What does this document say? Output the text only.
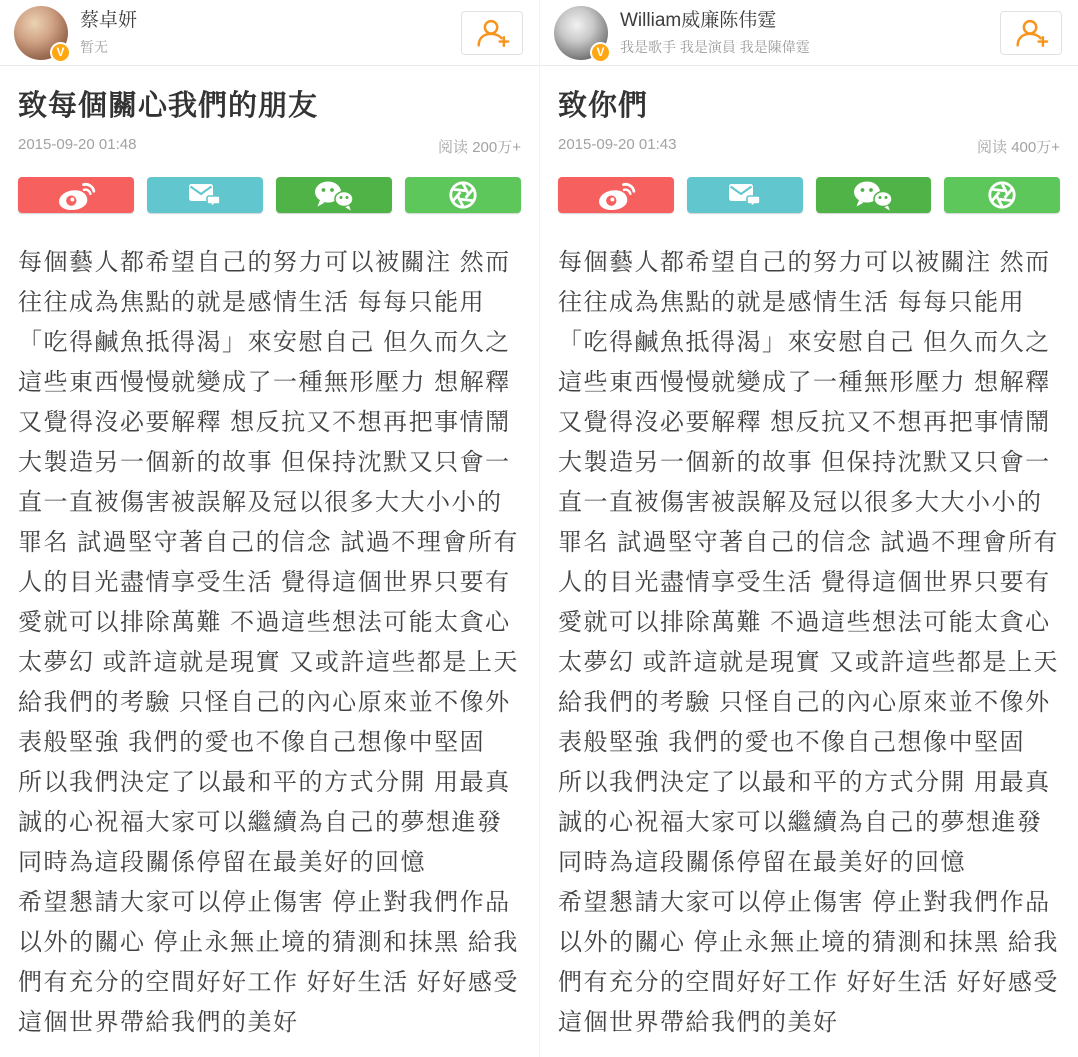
V
蔡卓妍
暂无
致每個關心我們的朋友
2015-09-20 01:48	阅读 200万+

每個藝人都希望自己的努力可以被關注 然而往往成為焦點的就是感情生活 每每只能用「吃得鹹魚抵得渴」來安慰自己 但久而久之這些東西慢慢就變成了一種無形壓力 想解釋又覺得沒必要解釋 想反抗又不想再把事情鬧大製造另一個新的故事 但保持沈默又只會一直一直被傷害被誤解及冠以很多大大小小的罪名 試過堅守著自己的信念 試過不理會所有人的目光盡情享受生活 覺得這個世界只要有愛就可以排除萬難 不過這些想法可能太貪心太夢幻 或許這就是現實 又或許這些都是上天給我們的考驗 只怪自己的內心原來並不像外表般堅強 我們的愛也不像自己想像中堅固

所以我們決定了以最和平的方式分開 用最真誠的心祝福大家可以繼續為自己的夢想進發 同時為這段關係停留在最美好的回憶

希望懇請大家可以停止傷害 停止對我們作品以外的關心 停止永無止境的猜測和抹黑 給我們有充分的空間好好工作 好好生活 好好感受這個世界帶給我們的美好

V
William威廉陈伟霆
我是歌手 我是演員 我是陳偉霆
致你們
2015-09-20 01:43	阅读 400万+

每個藝人都希望自己的努力可以被關注 然而往往成為焦點的就是感情生活 每每只能用「吃得鹹魚抵得渴」來安慰自己 但久而久之這些東西慢慢就變成了一種無形壓力 想解釋又覺得沒必要解釋 想反抗又不想再把事情鬧大製造另一個新的故事 但保持沈默又只會一直一直被傷害被誤解及冠以很多大大小小的罪名 試過堅守著自己的信念 試過不理會所有人的目光盡情享受生活 覺得這個世界只要有愛就可以排除萬難 不過這些想法可能太貪心太夢幻 或許這就是現實 又或許這些都是上天給我們的考驗 只怪自己的內心原來並不像外表般堅強 我們的愛也不像自己想像中堅固

所以我們決定了以最和平的方式分開 用最真誠的心祝福大家可以繼續為自己的夢想進發 同時為這段關係停留在最美好的回憶

希望懇請大家可以停止傷害 停止對我們作品以外的關心 停止永無止境的猜測和抹黑 給我們有充分的空間好好工作 好好生活 好好感受這個世界帶給我們的美好
